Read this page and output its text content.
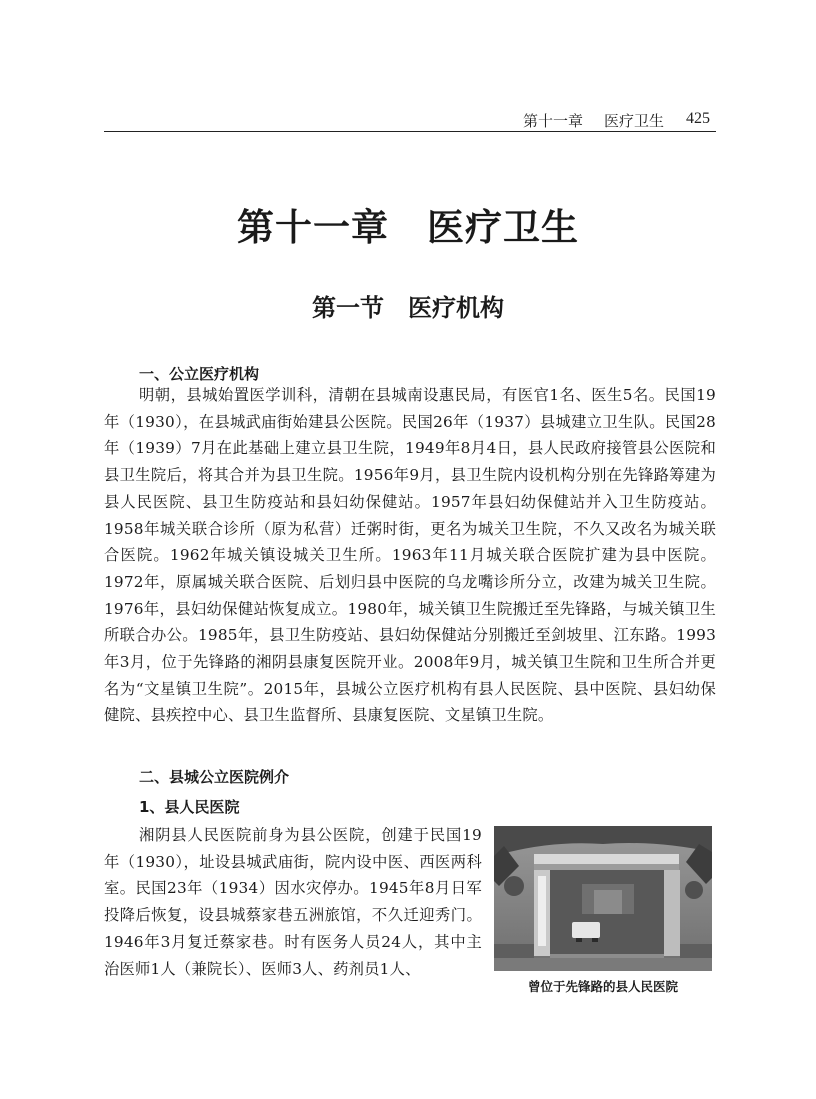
第十一章 医疗卫生 425
第十一章　医疗卫生
第一节　医疗机构
一、公立医疗机构

明朝，县城始置医学训科，清朝在县城南设惠民局，有医官1名、医生5名。民国19年（1930），在县城武庙街始建县公医院。民国26年（1937）县城建立卫生队。民国28年（1939）7月在此基础上建立县卫生院，1949年8月4日，县人民政府接管县公医院和县卫生院后，将其合并为县卫生院。1956年9月，县卫生院内设机构分别在先锋路筹建为县人民医院、县卫生防疫站和县妇幼保健站。1957年县妇幼保健站并入卫生防疫站。1958年城关联合诊所（原为私营）迁粥时街，更名为城关卫生院，不久又改名为城关联合医院。1962年城关镇设城关卫生所。1963年11月城关联合医院扩建为县中医院。1972年，原属城关联合医院、后划归县中医院的乌龙嘴诊所分立，改建为城关卫生院。1976年，县妇幼保健站恢复成立。1980年，城关镇卫生院搬迁至先锋路，与城关镇卫生所联合办公。1985年，县卫生防疫站、县妇幼保健站分别搬迁至剑坡里、江东路。1993年3月，位于先锋路的湘阴县康复医院开业。2008年9月，城关镇卫生院和卫生所合并更名为“文星镇卫生院”。2015年，县城公立医疗机构有县人民医院、县中医院、县妇幼保健院、县疾控中心、县卫生监督所、县康复医院、文星镇卫生院。

二、县城公立医院例介
1、县人民医院

湘阴县人民医院前身为县公医院，创建于民国19年（1930），址设县城武庙街，院内设中医、西医两科室。民国23年（1934）因水灾停办。1945年8月日军投降后恢复，设县城蔡家巷五洲旅馆，不久迁迎秀门。1946年3月复迁蔡家巷。时有医务人员24人，其中主治医师1人（兼院长）、医师3人、药剂员1人、

曾位于先锋路的县人民医院
